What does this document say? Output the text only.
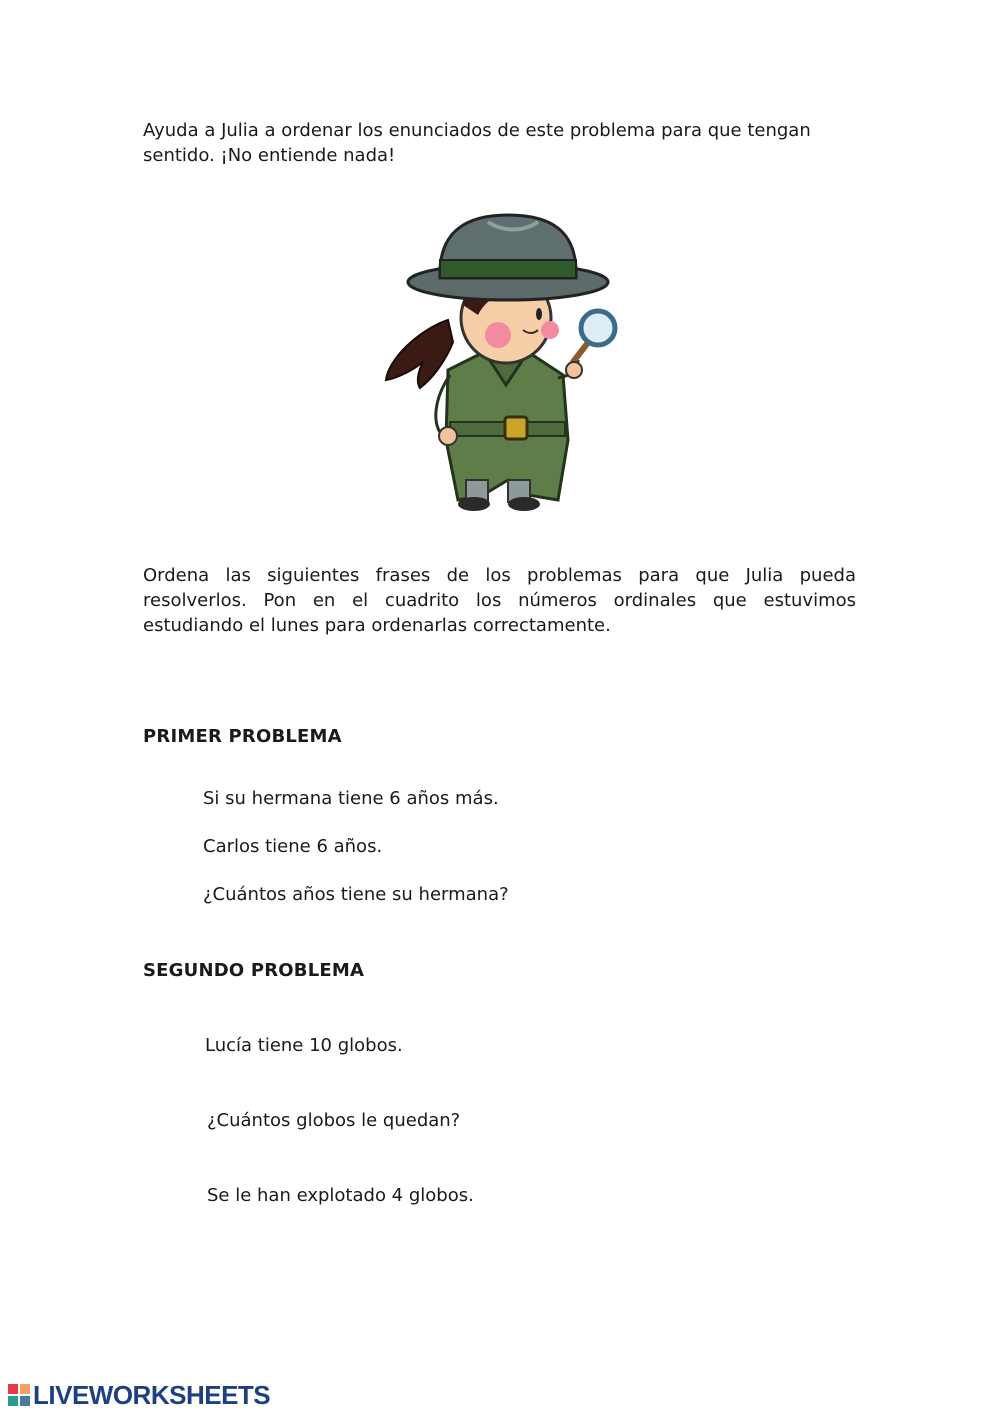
Ayuda a Julia a ordenar los enunciados de este problema para que tengan sentido. ¡No entiende nada!
Ordena las siguientes frases de los problemas para que Julia pueda resolverlos. Pon en el cuadrito los números ordinales que estuvimos estudiando el lunes para ordenarlas correctamente.
PRIMER PROBLEMA
Si su hermana tiene 6 años más.
Carlos tiene 6 años.
¿Cuántos años tiene su hermana?
SEGUNDO PROBLEMA
Lucía tiene 10 globos.
¿Cuántos globos le quedan?
Se le han explotado 4 globos.
LIVEWORKSHEETS
